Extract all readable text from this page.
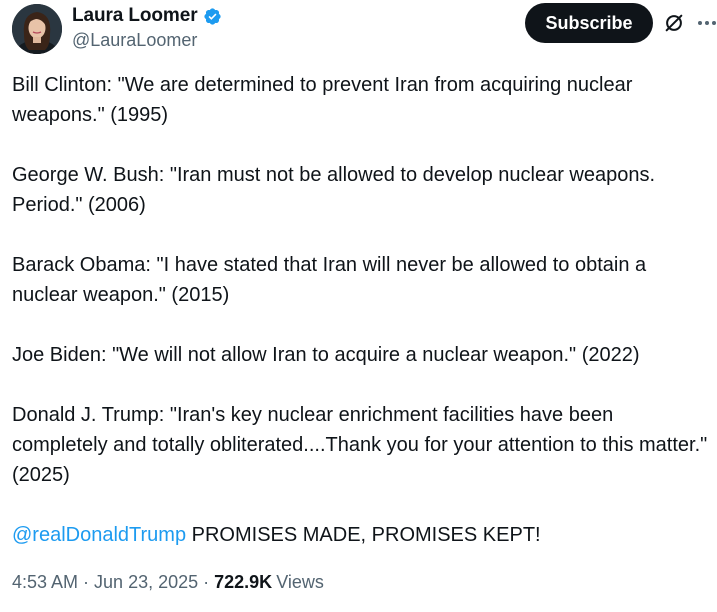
Laura Loomer
@LauraLoomer
Subscribe

Bill Clinton: "We are determined to prevent Iran from acquiring nuclear weapons." (1995)

George W. Bush: "Iran must not be allowed to develop nuclear weapons. Period." (2006)

Barack Obama: "I have stated that Iran will never be allowed to obtain a nuclear weapon." (2015)

Joe Biden: "We will not allow Iran to acquire a nuclear weapon." (2022)

Donald J. Trump: "Iran's key nuclear enrichment facilities have been completely and totally obliterated....Thank you for your attention to this matter." (2025)

@realDonaldTrump PROMISES MADE, PROMISES KEPT!

4:53 AM · Jun 23, 2025 · 722.9K Views
